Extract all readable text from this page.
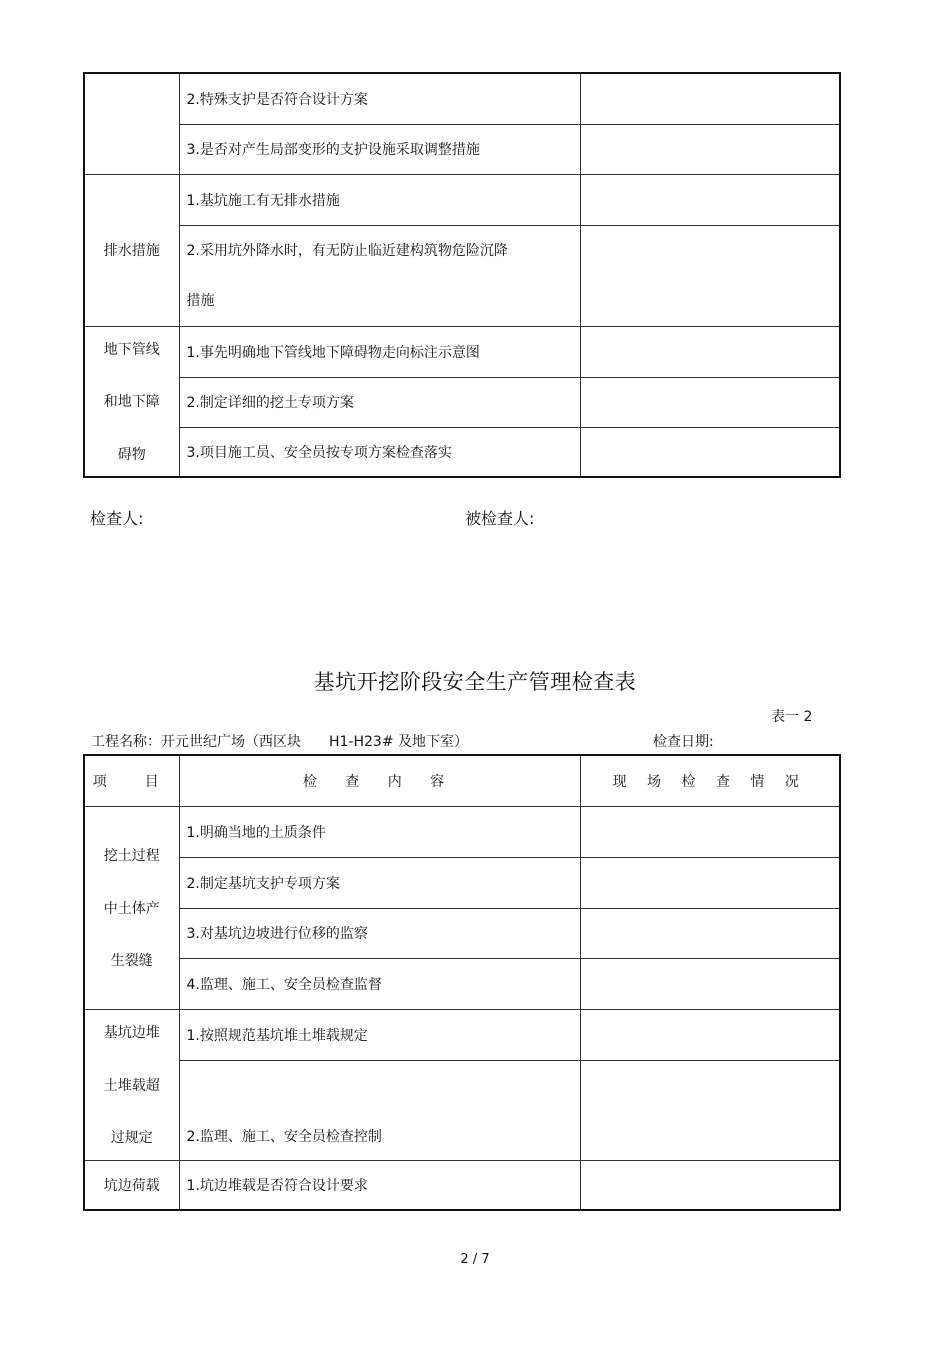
	2.特殊支护是否符合设计方案	
	3.是否对产生局部变形的支护设施采取调整措施	
排水措施	1.基坑施工有无排水措施	

	2.采用坑外降水时，有无防止临近建构筑物危险沉降
措施	

地下管线
和地下障
碍物	1.事先明确地下管线地下障碍物走向标注示意图	
	2.制定详细的挖土专项方案	
	3.项目施工员、安全员按专项方案检查落实	
检查人:	被检查人:
基坑开挖阶段安全生产管理检查表
表一 2
工程名称：开元世纪广场（西区块　　H1-H23# 及地下室）	检查日期:
项　目	检 查 内 容	现 场 检 查 情 况

挖土过程
中土体产
生裂缝	1.明确当地的土质条件	
	2.制定基坑支护专项方案	
	3.对基坑边坡进行位移的监察	
	4.监理、施工、安全员检查监督	

基坑边堆
土堆载超
过规定	1.按照规范基坑堆土堆载规定	
	2.监理、施工、安全员检查控制	
坑边荷载	1.坑边堆载是否符合设计要求	
2 / 7
